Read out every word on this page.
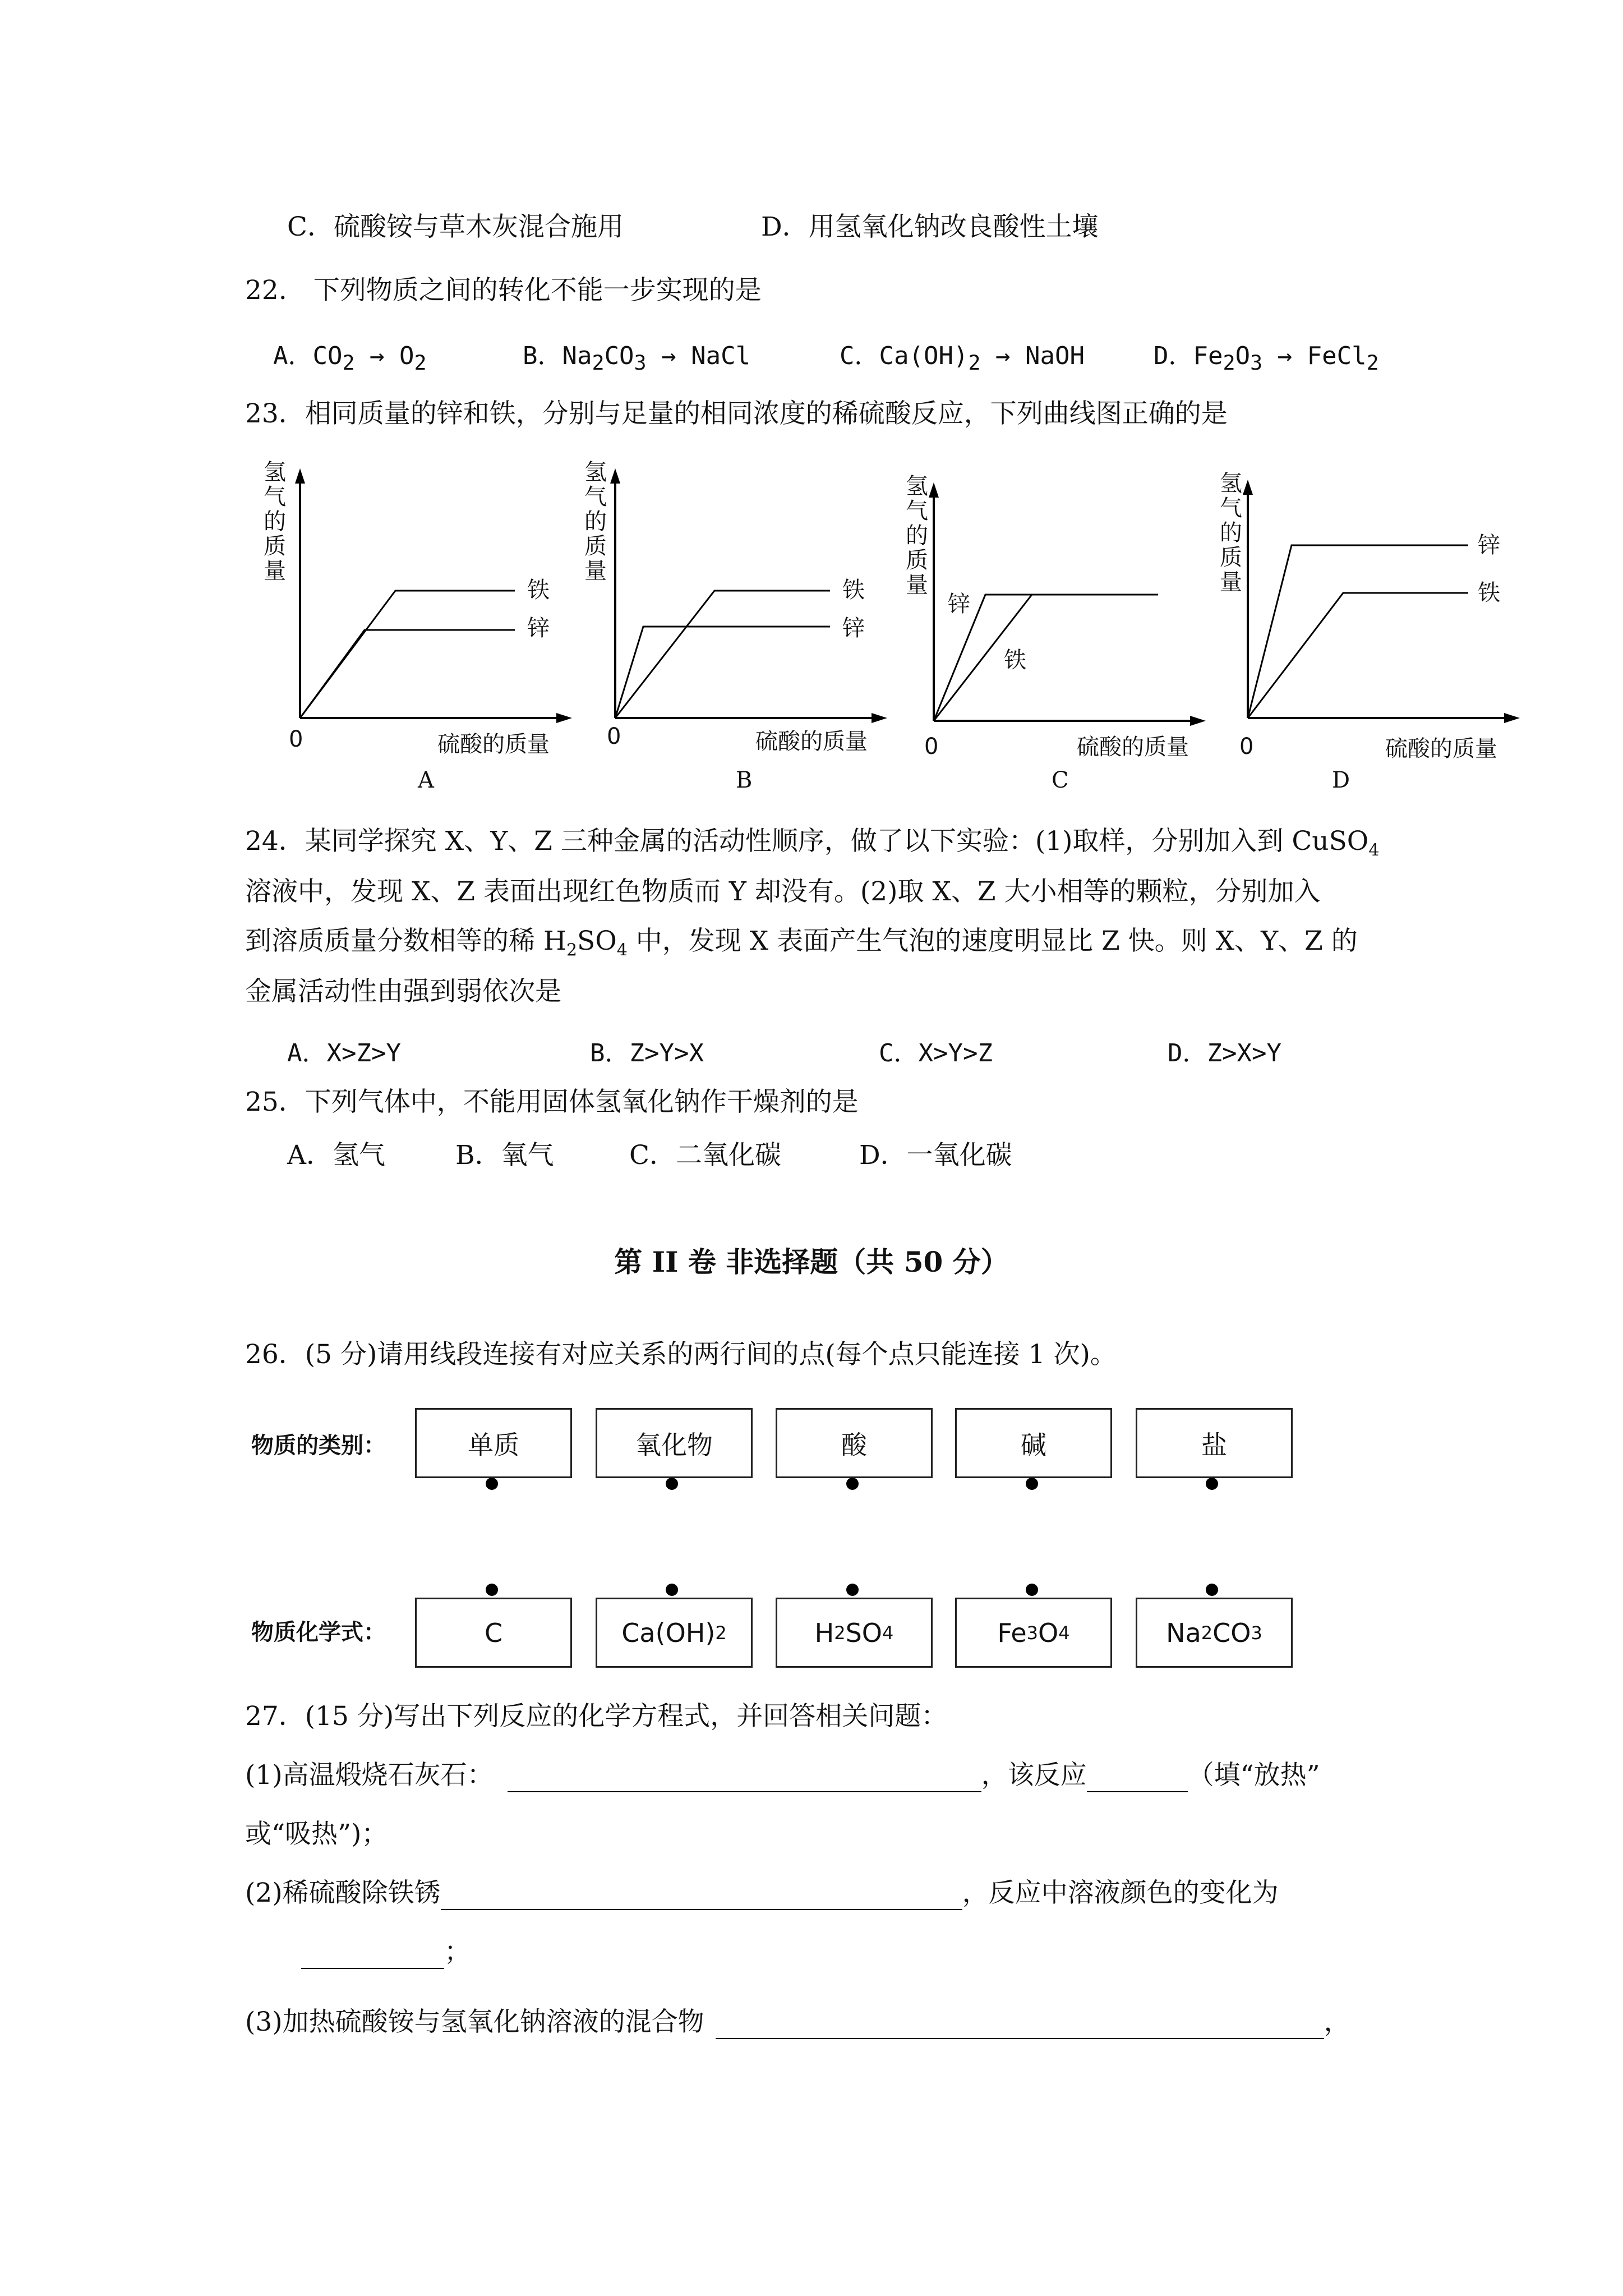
C．硫酸铵与草木灰混合施用	D．用氢氧化钠改良酸性土壤
22.　下列物质之间的转化不能一步实现的是
A．$CO_2 \to O_2$	B．$Na_2CO_3$ → NaCl	C．$Ca(OH)_2$ → NaOH	D．$Fe_2O_3$ → FeCl$_2$
23．相同质量的锌和铁，分别与足量的相同浓度的稀硫酸反应，下列曲线图正确的是
氢气的质量
铁
锌
0	硫酸的质量
A
氢气的质量
铁
锌
0	硫酸的质量
B
氢气的质量
锌
铁
0	硫酸的质量
C
氢气的质量
锌
铁
0	硫酸的质量
D
24．某同学探究 X、Y、Z 三种金属的活动性顺序，做了以下实验：(1)取样，分别加入到 CuSO$_4$
溶液中，发现 X、Z 表面出现红色物质而 Y 却没有。(2)取 X、Z 大小相等的颗粒，分别加入
到溶质质量分数相等的稀 $H_2SO_4$ 中，发现 X 表面产生气泡的速度明显比 Z 快。则 X、Y、Z 的
金属活动性由强到弱依次是
A．X>Z>Y	B．Z>Y>X	C．X>Y>Z	D．Z>X>Y
25．下列气体中，不能用固体氢氧化钠作干燥剂的是
A．氢气	B．氧气	C．二氧化碳	D．一氧化碳
第 II 卷 非选择题（共 50 分）
26．(5 分)请用线段连接有对应关系的两行间的点(每个点只能连接 1 次)。
物质的类别：	单质	氧化物	酸	碱	盐
物质化学式：	C	Ca(OH) 2	H 2 SO 4	Fe 3 O 4	Na 2 CO 3
27．(15 分)写出下列反应的化学方程式，并回答相关问题：
(1)高温煅烧石灰石：	，该反应	（填“放热”
或“吸热”)；
(2)稀硫酸除铁锈	，反应中溶液颜色的变化为
；
(3)加热硫酸铵与氢氧化钠溶液的混合物	，
